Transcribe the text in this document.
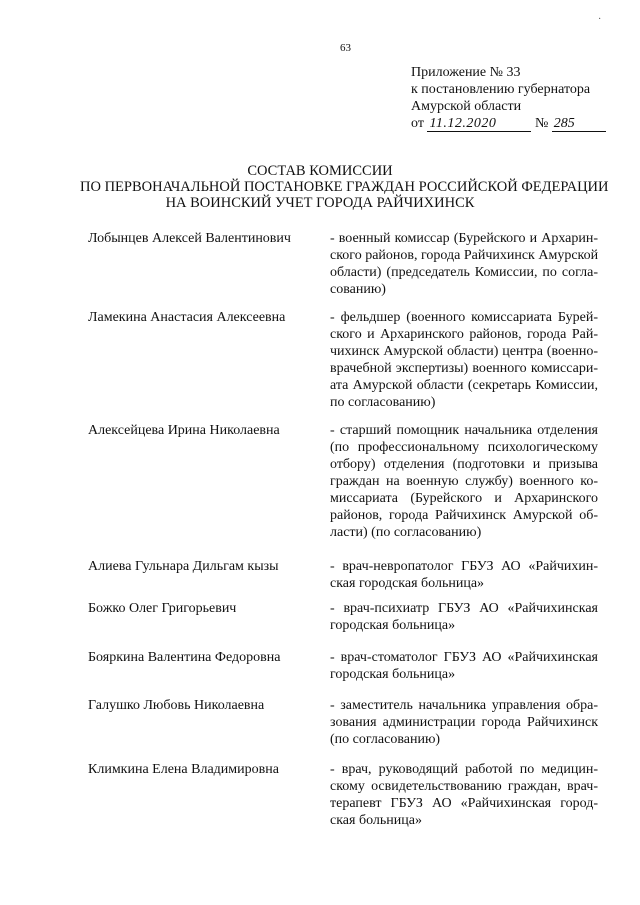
63
·
Приложение № 33
к постановлению губернатора
Амурской области
от 11.12.2020	№ 285
СОСТАВ КОМИССИИ
ПО ПЕРВОНАЧАЛЬНОЙ ПОСТАНОВКЕ ГРАЖДАН РОССИЙСКОЙ ФЕДЕРАЦИИ
НА ВОИНСКИЙ УЧЕТ ГОРОДА РАЙЧИХИНСК
Лобынцев Алексей Валентинович	- военный комиссар (Бурейского и Архарин-
ского районов, города Райчихинск Амурской
области) (председатель Комиссии, по согла-
сованию)
Ламекина Анастасия Алексеевна	- фельдшер (военного комиссариата Бурей-
ского и Архаринского районов, города Рай-
чихинск Амурской области) центра (военно-
врачебной экспертизы) военного комиссари-
ата Амурской области (секретарь Комиссии,
по согласованию)
Алексейцева Ирина Николаевна	- старший помощник начальника отделения
(по профессиональному психологическому
отбору) отделения (подготовки и призыва
граждан на военную службу) военного ко-
миссариата (Бурейского и Архаринского
районов, города Райчихинск Амурской об-
ласти) (по согласованию)
Алиева Гульнара Дильгам кызы	- врач-невропатолог ГБУЗ АО «Райчихин-
ская городская больница»
Божко Олег Григорьевич	- врач-психиатр ГБУЗ АО «Райчихинская
городская больница»
Бояркина Валентина Федоровна	- врач-стоматолог ГБУЗ АО «Райчихинская
городская больница»
Галушко Любовь Николаевна	- заместитель начальника управления обра-
зования администрации города Райчихинск
(по согласованию)
Климкина Елена Владимировна	- врач, руководящий работой по медицин-
скому освидетельствованию граждан, врач-
терапевт ГБУЗ АО «Райчихинская город-
ская больница»
